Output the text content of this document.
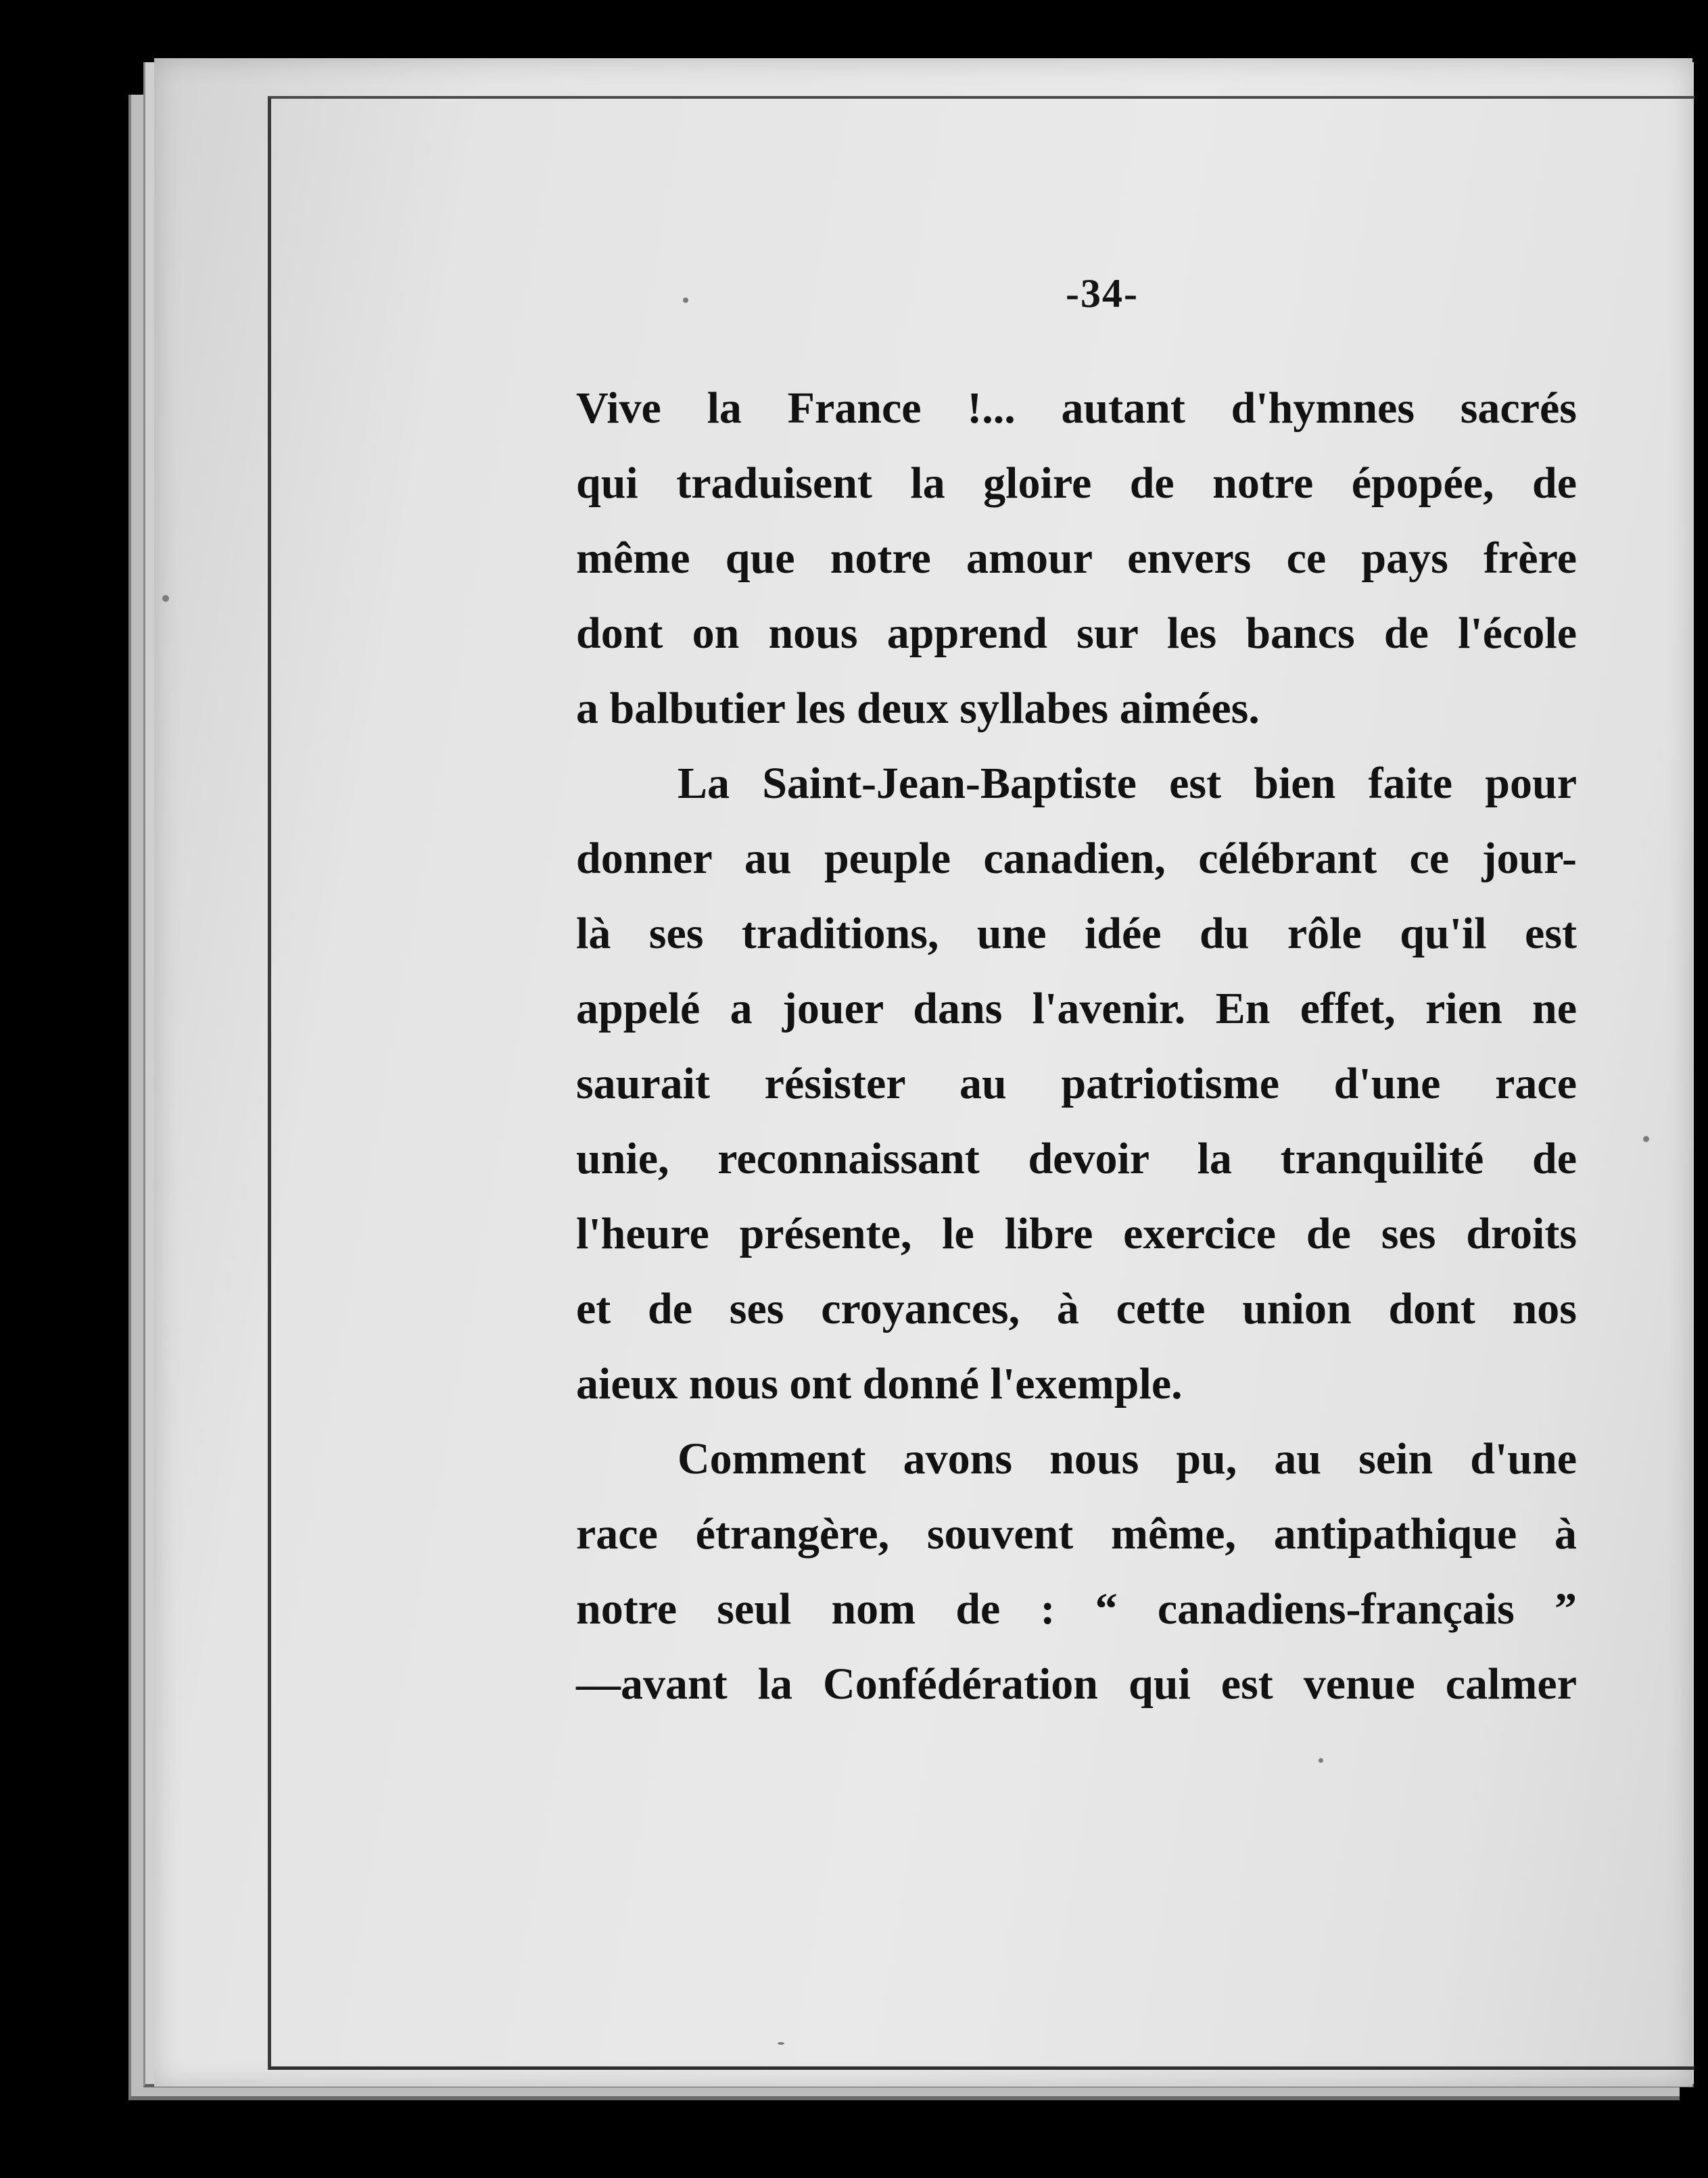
-34-
Vive la France !... autant d'hymnes sacrés
qui traduisent la gloire de notre épopée, de
même que notre amour envers ce pays frère
dont on nous apprend sur les bancs de l'école
a balbutier les deux syllabes aimées.
La Saint-Jean-Baptiste est bien faite pour
donner au peuple canadien, célébrant ce jour-
là ses traditions, une idée du rôle qu'il est
appelé a jouer dans l'avenir. En effet, rien ne
saurait résister au patriotisme d'une race
unie, reconnaissant devoir la tranquilité de
l'heure présente, le libre exercice de ses droits
et de ses croyances, à cette union dont nos
aieux nous ont donné l'exemple.
Comment avons nous pu, au sein d'une
race étrangère, souvent même, antipathique à
notre seul nom de : “ canadiens-français ”
—avant la Confédération qui est venue calmer
